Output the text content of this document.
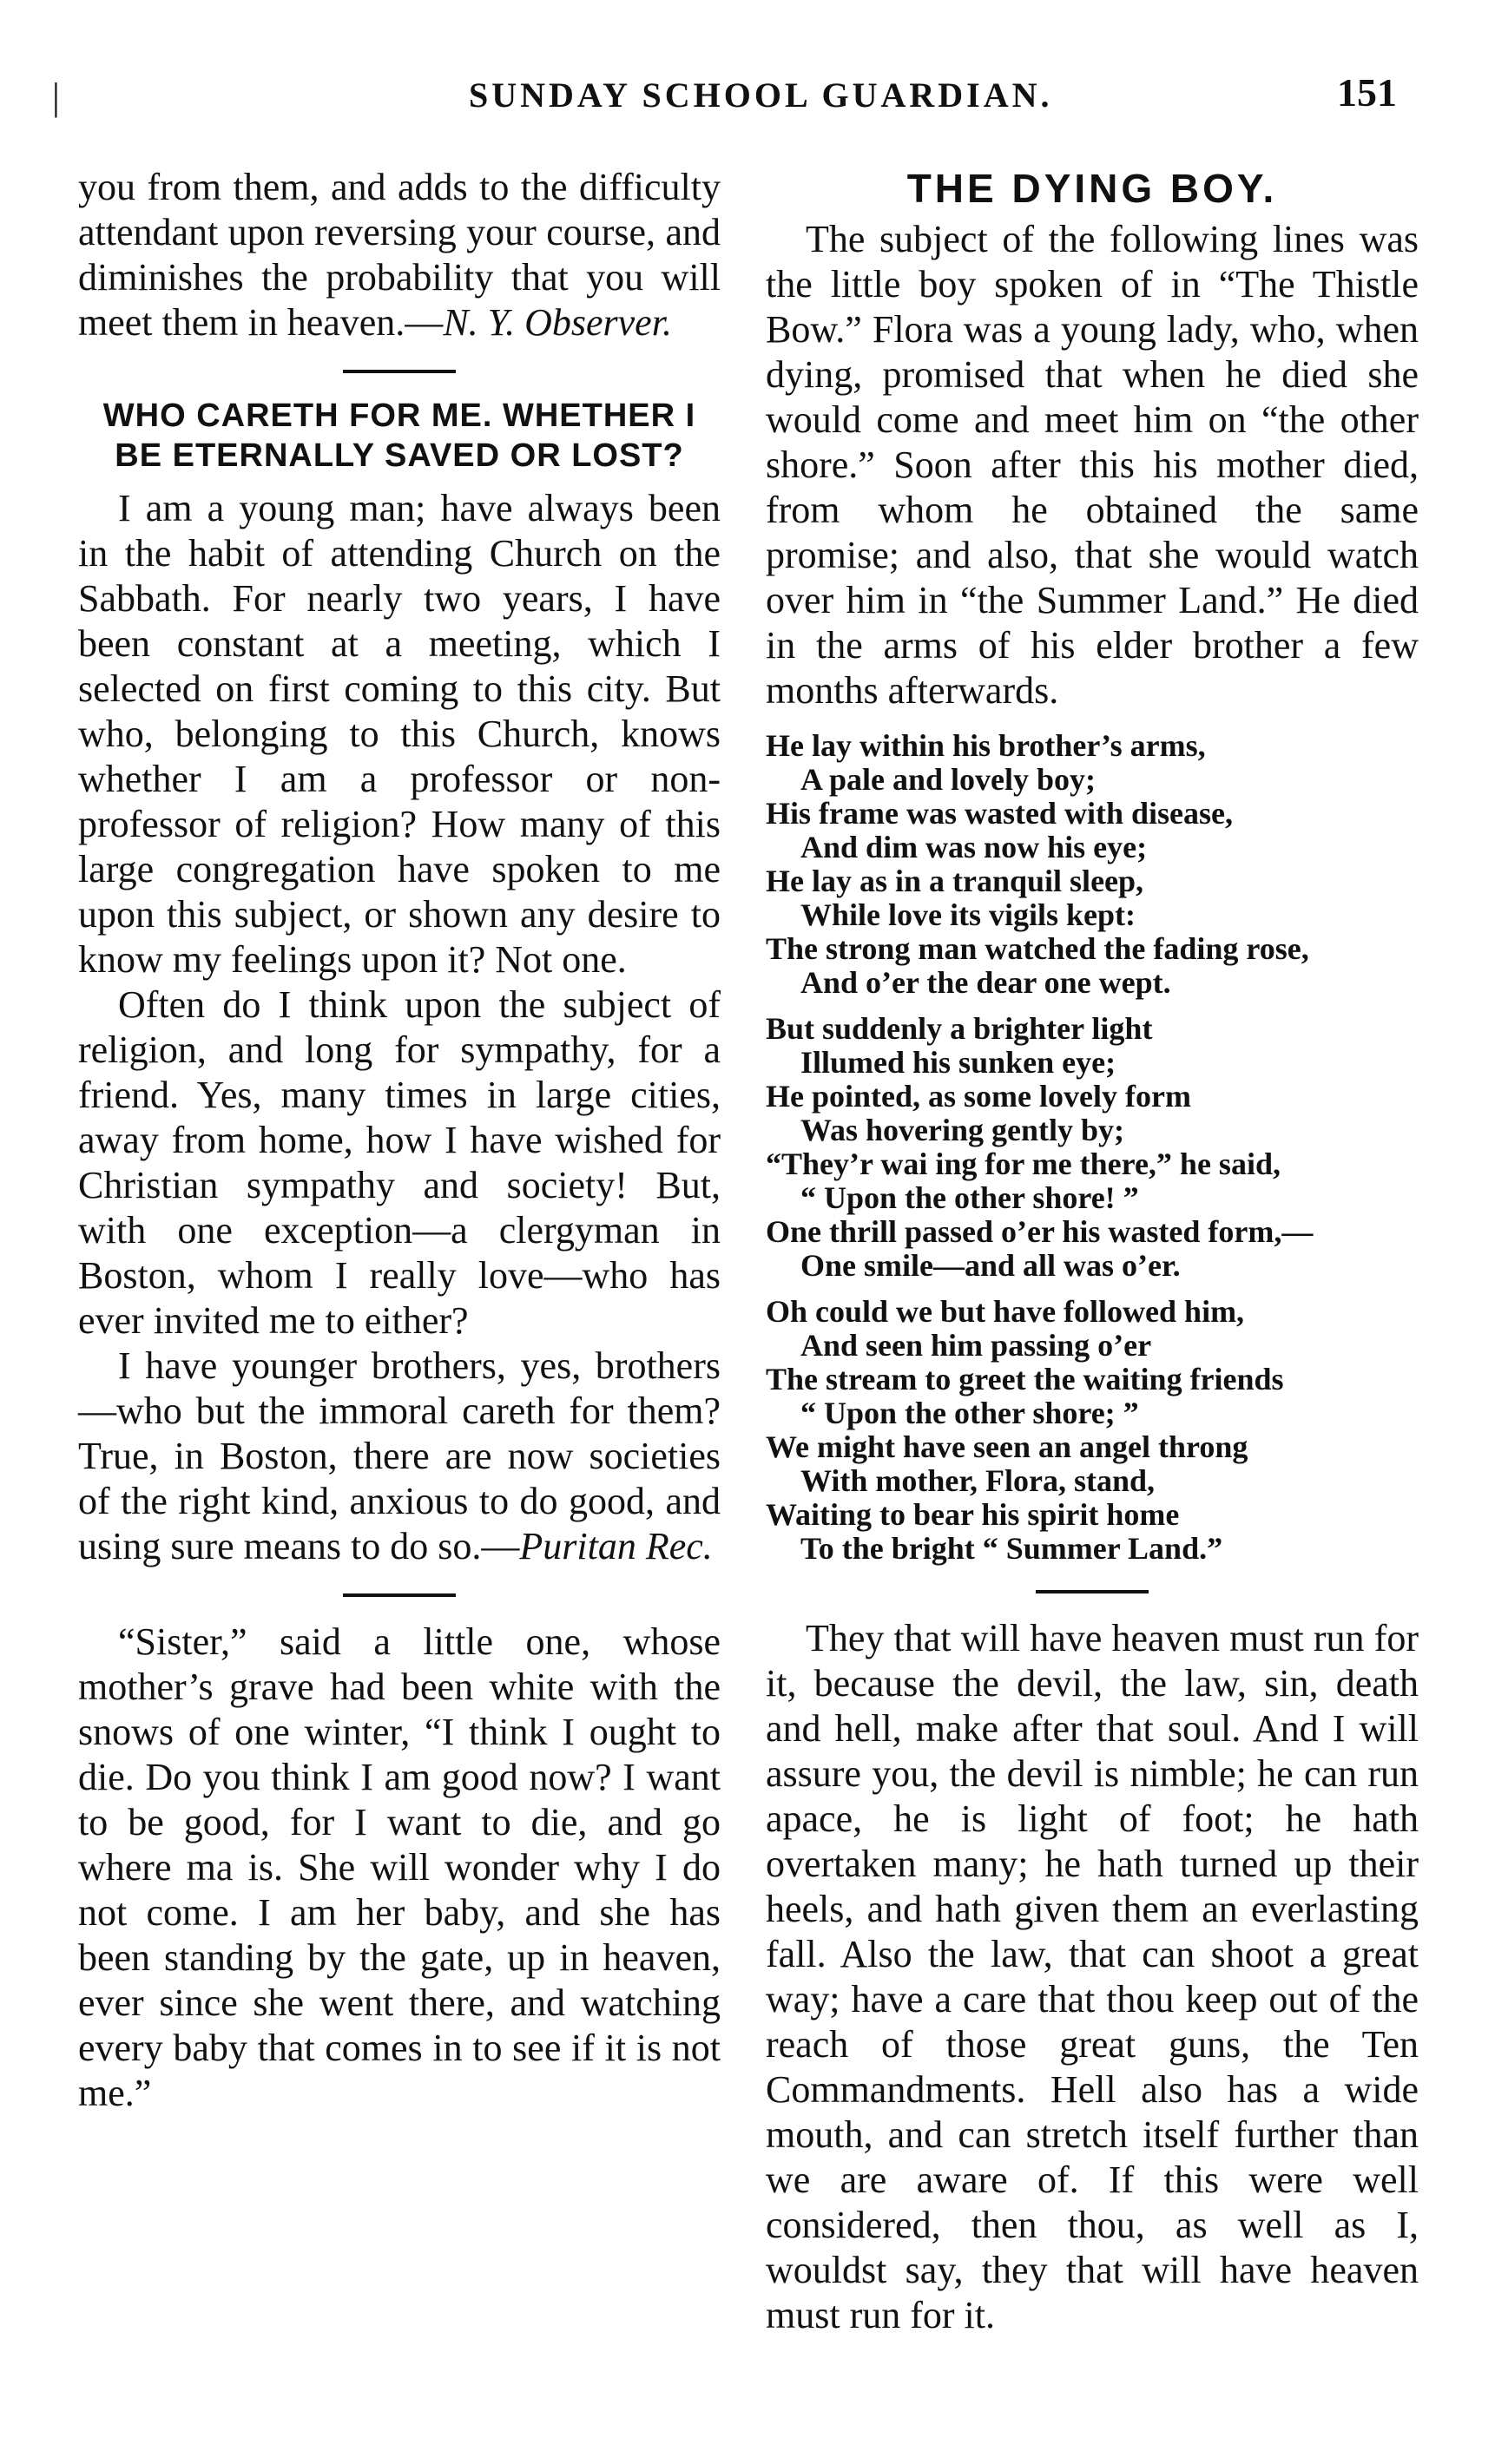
|	SUNDAY SCHOOL GUARDIAN.	151

you from them, and adds to the difficulty attendant upon reversing your course, and diminishes the probability that you will meet them in heaven.—N. Y. Observer.

WHO CARETH FOR ME. WHETHER I BE ETERNALLY SAVED OR LOST?

I am a young man; have always been in the habit of attending Church on the Sabbath. For nearly two years, I have been constant at a meeting, which I selected on first coming to this city. But who, belonging to this Church, knows whether I am a professor or non-professor of religion? How many of this large congregation have spoken to me upon this subject, or shown any desire to know my feelings upon it? Not one.

Often do I think upon the subject of religion, and long for sympathy, for a friend. Yes, many times in large cities, away from home, how I have wished for Christian sympathy and society! But, with one exception—a clergyman in Boston, whom I really love—who has ever invited me to either?

I have younger brothers, yes, brothers—who but the immoral careth for them? True, in Boston, there are now societies of the right kind, anxious to do good, and using sure means to do so.—Puritan Rec.

“Sister,” said a little one, whose mother’s grave had been white with the snows of one winter, “I think I ought to die. Do you think I am good now? I want to be good, for I want to die, and go where ma is. She will wonder why I do not come. I am her baby, and she has been standing by the gate, up in heaven, ever since she went there, and watching every baby that comes in to see if it is not me.”

THE DYING BOY.

The subject of the following lines was the little boy spoken of in “The Thistle Bow.” Flora was a young lady, who, when dying, promised that when he died she would come and meet him on “the other shore.” Soon after this his mother died, from whom he obtained the same promise; and also, that she would watch over him in “the Summer Land.” He died in the arms of his elder brother a few months afterwards.

He lay within his brother’s arms,
A pale and lovely boy;
His frame was wasted with disease,
And dim was now his eye;
He lay as in a tranquil sleep,
While love its vigils kept:
The strong man watched the fading rose,
And o’er the dear one wept.
But suddenly a brighter light
Illumed his sunken eye;
He pointed, as some lovely form
Was hovering gently by;
“They’r wai ing for me there,” he said,
“ Upon the other shore! ”
One thrill passed o’er his wasted form,—
One smile—and all was o’er.
Oh could we but have followed him,
And seen him passing o’er
The stream to greet the waiting friends
“ Upon the other shore; ”
We might have seen an angel throng
With mother, Flora, stand,
Waiting to bear his spirit home
To the bright “ Summer Land.”

They that will have heaven must run for it, because the devil, the law, sin, death and hell, make after that soul. And I will assure you, the devil is nimble; he can run apace, he is light of foot; he hath overtaken many; he hath turned up their heels, and hath given them an everlasting fall. Also the law, that can shoot a great way; have a care that thou keep out of the reach of those great guns, the Ten Commandments. Hell also has a wide mouth, and can stretch itself further than we are aware of. If this were well considered, then thou, as well as I, wouldst say, they that will have heaven must run for it.
